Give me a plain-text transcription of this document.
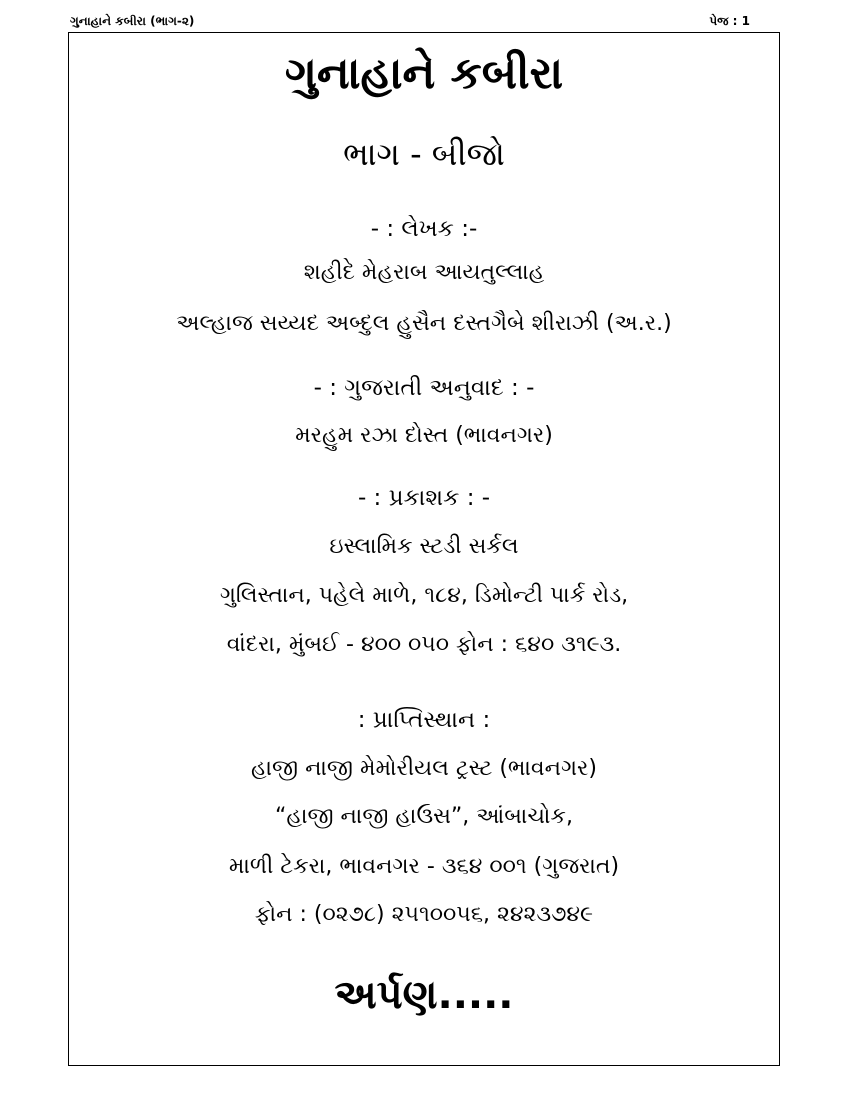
ગુનાહાને કબીરા (ભાગ-૨)	પેજ : 1
ગુનાહાને કબીરા
ભાગ - બીજો
- : લેખક :-
શહીદે મેહરાબ આયતુલ્લાહ
અલ્હાજ સય્યદ અબ્દુલ હુસૈન દસ્તગૈબે શીરાઝી (અ.ર.)
- : ગુજરાતી અનુવાદ : -
મરહુમ રઝા દોસ્ત (ભાવનગર)
- : પ્રકાશક : -
ઇસ્લામિક સ્ટડી સર્કલ
ગુલિસ્તાન, પહેલે માળે, ૧૮૪, ડિમોન્ટી પાર્ક રોડ,
વાંદરા, મુંબઈ - ૪૦૦ ૦૫૦ ફોન : ૬૪૦ ૩૧૯૩.
: પ્રાપ્તિસ્થાન :
હાજી નાજી મેમોરીયલ ટ્રસ્ટ (ભાવનગર)
“હાજી નાજી હાઉસ”, આંબાચોક,
માળી ટેકરા, ભાવનગર - ૩૬૪ ૦૦૧ (ગુજરાત)
ફોન : (૦૨૭૮) ૨૫૧૦૦૫૬, ૨૪૨૩૭૪૯
અર્પણ.....
